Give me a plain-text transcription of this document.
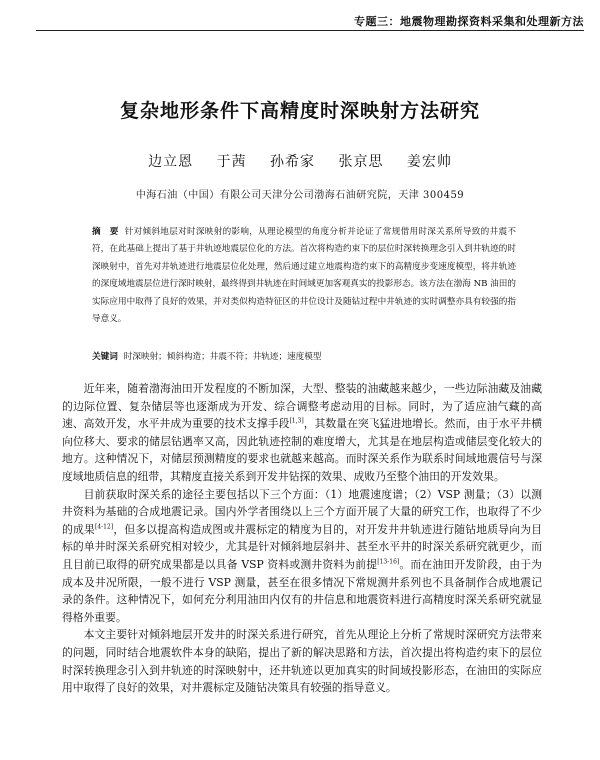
专题三：地震物理勘探资料采集和处理新方法
复杂地形条件下高精度时深映射方法研究
边立恩 于茜 孙希家 张京思 姜宏帅
中海石油（中国）有限公司天津分公司渤海石油研究院，天津 300459
摘　要 针对倾斜地层对时深映射的影响，从理论模型的角度分析并论证了常规借用时深关系所导致的井震不符，在此基础上提出了基于井轨迹地震层位化的方法。首次将构造约束下的层位时深转换理念引入到井轨迹的时深映射中，首先对井轨迹进行地震层位化处理，然后通过建立地震构造约束下的高精度步变速度模型，将井轨迹的深度域地震层位进行深时映射，最终得到井轨迹在时间域更加客观真实的投影形态。该方法在渤海 NB 油田的实际应用中取得了良好的效果，并对类似构造特征区的井位设计及随钻过程中井轨迹的实时调整亦具有较强的指导意义。
关键词 时深映射；倾斜构造；井震不符；井轨迹；速度模型

近年来，随着渤海油田开发程度的不断加深，大型、整装的油藏越来越少，一些边际油藏及油藏的边际位置、复杂储层等也逐渐成为开发、综合调整考虑动用的目标。同时，为了适应油气藏的高速、高效开发，水平井成为重要的技术支撑手段[1,3]，其数量在突飞猛进地增长。然而，由于水平井横向位移大、要求的储层钻遇率又高，因此轨迹控制的难度增大，尤其是在地层构造或储层变化较大的地方。这种情况下，对储层预测精度的要求也就越来越高。而时深关系作为联系时间域地震信号与深度域地质信息的纽带，其精度直接关系到开发井钻探的效果、成败乃至整个油田的开发效果。

目前获取时深关系的途径主要包括以下三个方面：（1）地震速度谱；（2）VSP 测量；（3）以测井资料为基础的合成地震记录。国内外学者围绕以上三个方面开展了大量的研究工作，也取得了不少的成果[4-12]，但多以提高构造成图或井震标定的精度为目的，对开发井井轨迹进行随钻地质导向为目标的单井时深关系研究相对较少，尤其是针对倾斜地层斜井、甚至水平井的时深关系研究就更少，而且目前已取得的研究成果都是以具备 VSP 资料或测井资料为前提[13-16]。而在油田开发阶段，由于为成本及井况所限，一般不进行 VSP 测量，甚至在很多情况下常规测井系列也不具备制作合成地震记录的条件。这种情况下，如何充分利用油田内仅有的井信息和地震资料进行高精度时深关系研究就显得格外重要。

本文主要针对倾斜地层开发井的时深关系进行研究，首先从理论上分析了常规时深研究方法带来的问题，同时结合地震软件本身的缺陷，提出了新的解决思路和方法，首次提出将构造约束下的层位时深转换理念引入到井轨迹的时深映射中，还井轨迹以更加真实的时间域投影形态，在油田的实际应用中取得了良好的效果，对井震标定及随钻决策具有较强的指导意义。
